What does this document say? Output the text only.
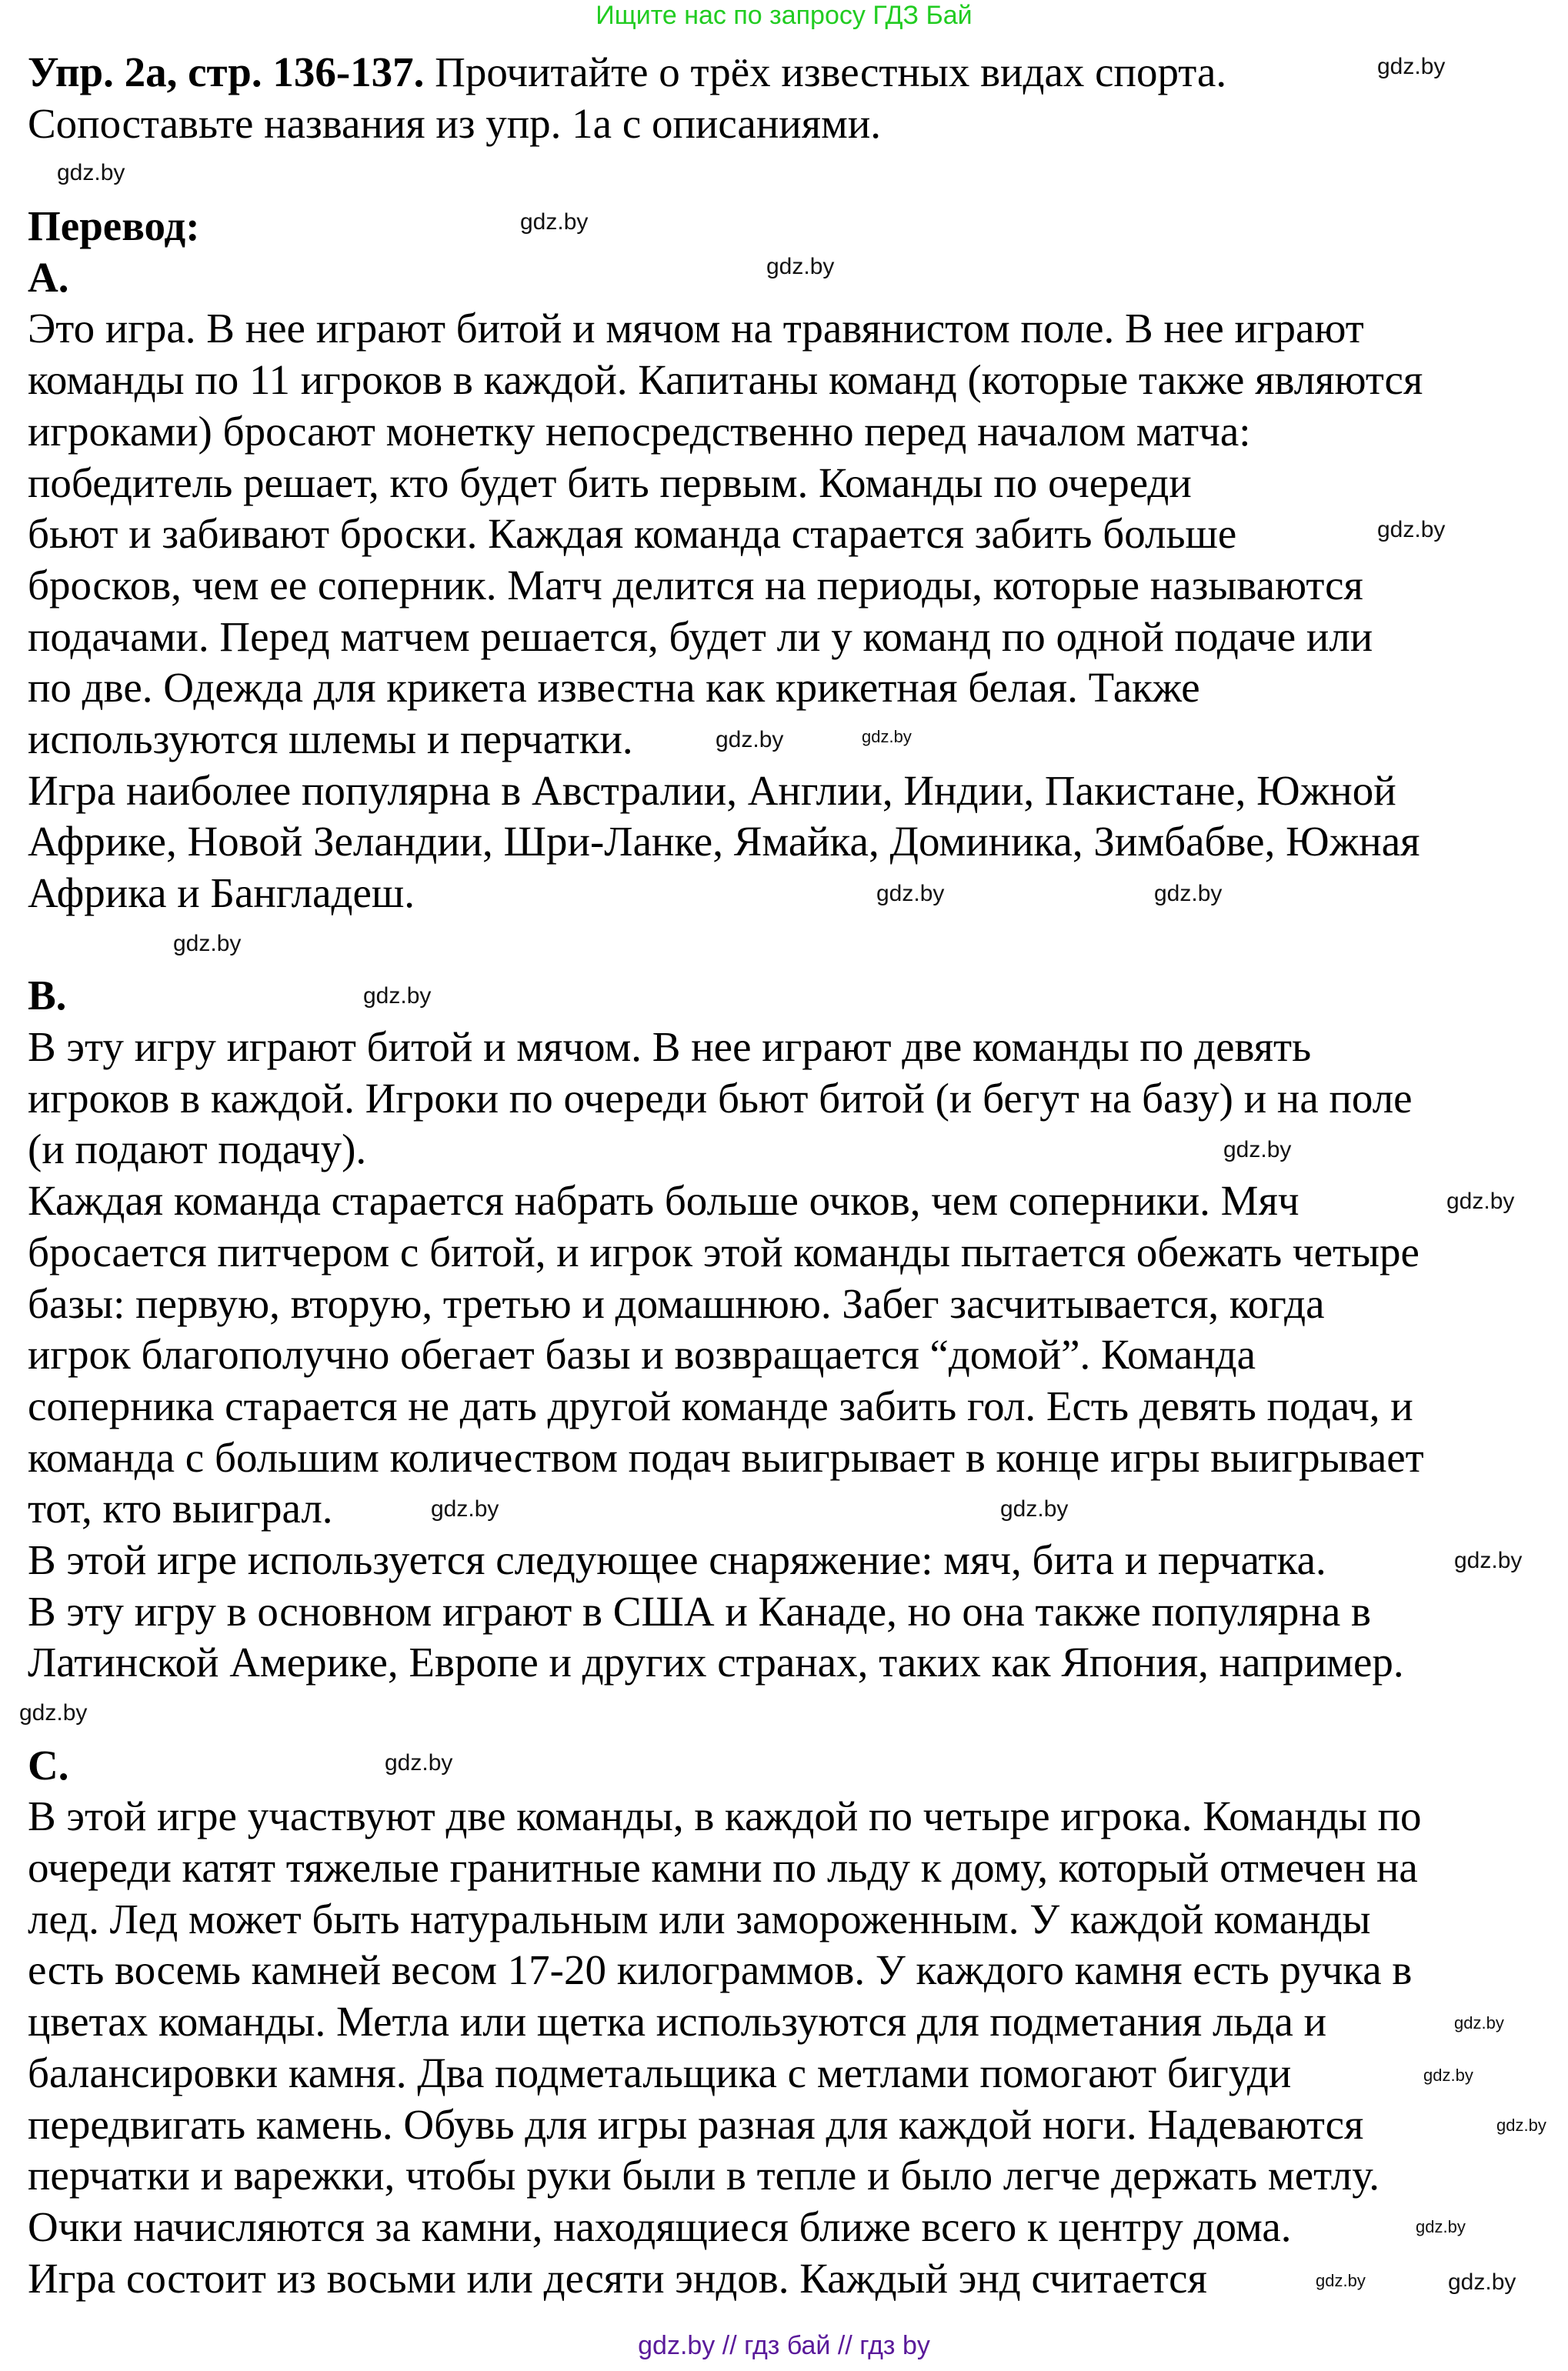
Ищите нас по запросу ГДЗ Бай
Упр. 2а, стр. 136-137. Прочитайте о трёх известных видах спорта.
Сопоставьте названия из упр. 1а с описаниями.
Перевод:
A.
Это игра. В нее играют битой и мячом на травянистом поле. В нее играют
команды по 11 игроков в каждой. Капитаны команд (которые также являются
игроками) бросают монетку непосредственно перед началом матча:
победитель решает, кто будет бить первым. Команды по очереди
бьют и забивают броски. Каждая команда старается забить больше
бросков, чем ее соперник. Матч делится на периоды, которые называются
подачами. Перед матчем решается, будет ли у команд по одной подаче или
по две. Одежда для крикета известна как крикетная белая. Также
используются шлемы и перчатки.
Игра наиболее популярна в Австралии, Англии, Индии, Пакистане, Южной
Африке, Новой Зеландии, Шри-Ланке, Ямайка, Доминика, Зимбабве, Южная
Африка и Бангладеш.
B.
В эту игру играют битой и мячом. В нее играют две команды по девять
игроков в каждой. Игроки по очереди бьют битой (и бегут на базу) и на поле
(и подают подачу).
Каждая команда старается набрать больше очков, чем соперники. Мяч
бросается питчером с битой, и игрок этой команды пытается обежать четыре
базы: первую, вторую, третью и домашнюю. Забег засчитывается, когда
игрок благополучно обегает базы и возвращается “домой”. Команда
соперника старается не дать другой команде забить гол. Есть девять подач, и
команда с большим количеством подач выигрывает в конце игры выигрывает
тот, кто выиграл.
В этой игре используется следующее снаряжение: мяч, бита и перчатка.
В эту игру в основном играют в США и Канаде, но она также популярна в
Латинской Америке, Европе и других странах, таких как Япония, например.
C.
В этой игре участвуют две команды, в каждой по четыре игрока. Команды по
очереди катят тяжелые гранитные камни по льду к дому, который отмечен на
лед. Лед может быть натуральным или замороженным. У каждой команды
есть восемь камней весом 17-20 килограммов. У каждого камня есть ручка в
цветах команды. Метла или щетка используются для подметания льда и
балансировки камня. Два подметальщика с метлами помогают бигуди
передвигать камень. Обувь для игры разная для каждой ноги. Надеваются
перчатки и варежки, чтобы руки были в тепле и было легче держать метлу.
Очки начисляются за камни, находящиеся ближе всего к центру дома.
Игра состоит из восьми или десяти эндов. Каждый энд считается
gdz.by // гдз бай // гдз by
gdz.by
gdz.by
gdz.by
gdz.by
gdz.by
gdz.by
gdz.by
gdz.by
gdz.by
gdz.by
gdz.by
gdz.by
gdz.by
gdz.by	gdz.by
gdz.by
gdz.by
gdz.by
gdz.by
gdz.by
gdz.by
gdz.by
gdz.by
gdz.by
